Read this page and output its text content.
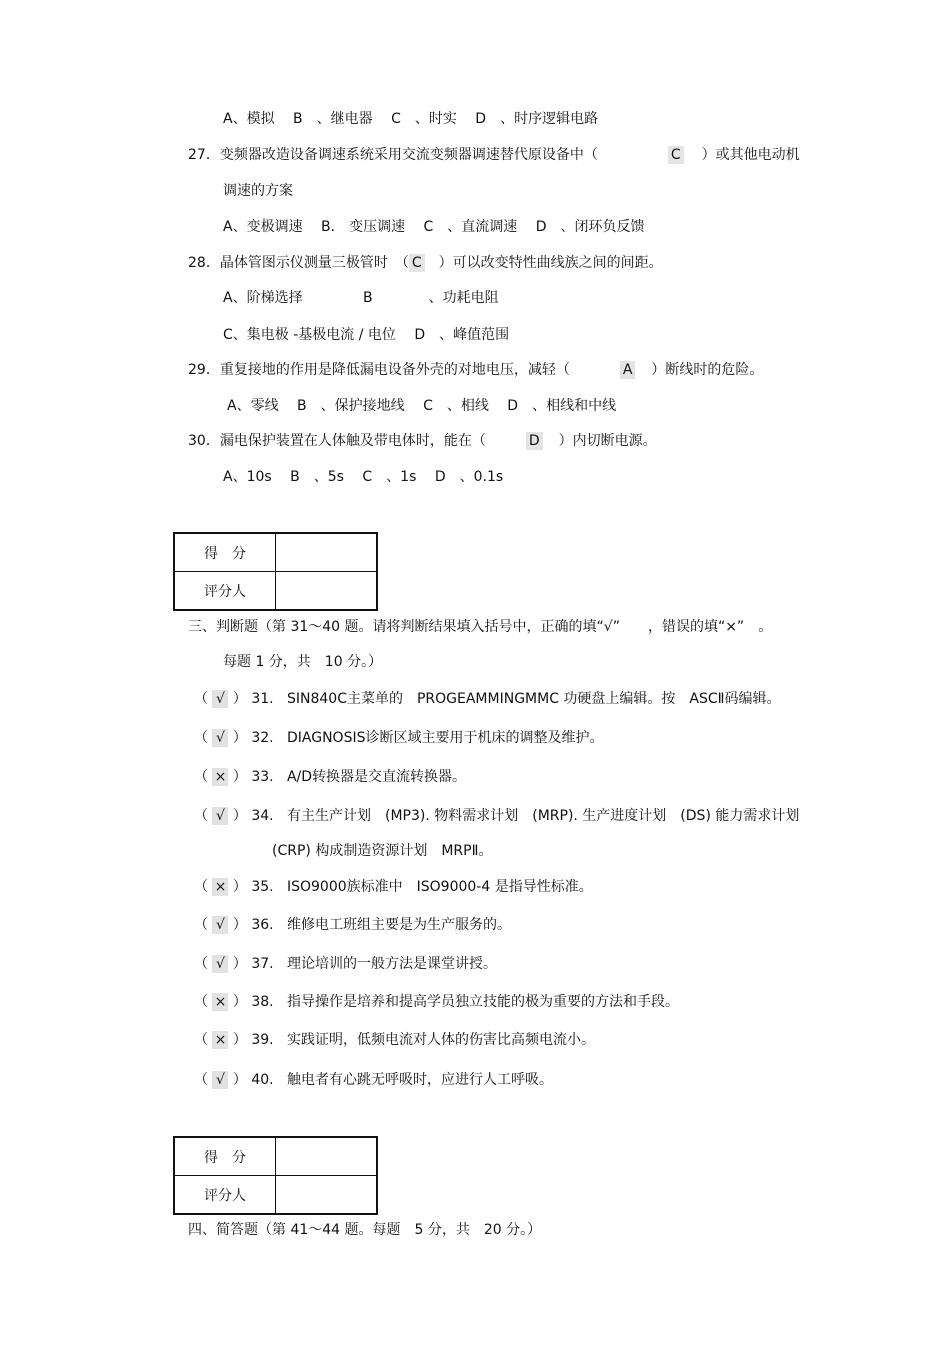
A、模拟　 B　、继电器　 C　、时实　 D　、时序逻辑电路
27．变频器改造设备调速系统采用交流变频器调速替代原设备中（	C ）或其他电动机
调速的方案
A、变极调速　 B.　变压调速　 C　、直流调速　 D　、闭环负反馈
28．晶体管图示仪测量三极管时　（ C ）可以改变特性曲线族之间的间距。
A、阶梯选择　　　　 B　　　　、功耗电阻
C、集电极 -基极电流 / 电位　 D　、峰值范围
29．重复接地的作用是降低漏电设备外壳的对地电压，减轻（	A ）断线时的危险。
A、零线　 B　、保护接地线　 C　、相线　 D　、相线和中线
30．漏电保护装置在人体触及带电体时，能在（	D ）内切断电源。
A、10s　 B　、5s　 C　、1s　 D　、0.1s
得　分	
评分人	
三、判断题（第 31～40 题。请将判断结果填入括号中，正确的填“√”　　，错误的填“×”　。
每题 1 分，共　10 分。）
（ √ ） 31. SIN840C主菜单的　PROGEAMMINGMMC 功硬盘上编辑。按　ASCⅡ码编辑。
（ √ ） 32. DIAGNOSIS诊断区域主要用于机床的调整及维护。
（ × ） 33. A/D转换器是交直流转换器。
（ √ ） 34. 有主生产计划　(MP3). 物料需求计划　(MRP). 生产进度计划　(DS) 能力需求计划
(CRP) 构成制造资源计划　MRPⅡ。
（ × ） 35. ISO9000族标准中　ISO9000-4 是指导性标准。
（ √ ） 36. 维修电工班组主要是为生产服务的。
（ √ ） 37. 理论培训的一般方法是课堂讲授。
（ × ） 38. 指导操作是培养和提高学员独立技能的极为重要的方法和手段。
（ × ） 39. 实践证明，低频电流对人体的伤害比高频电流小。
（ √ ） 40. 触电者有心跳无呼吸时，应进行人工呼吸。
得　分	
评分人	
四、简答题（第 41～44 题。每题　5 分，共　20 分。）
